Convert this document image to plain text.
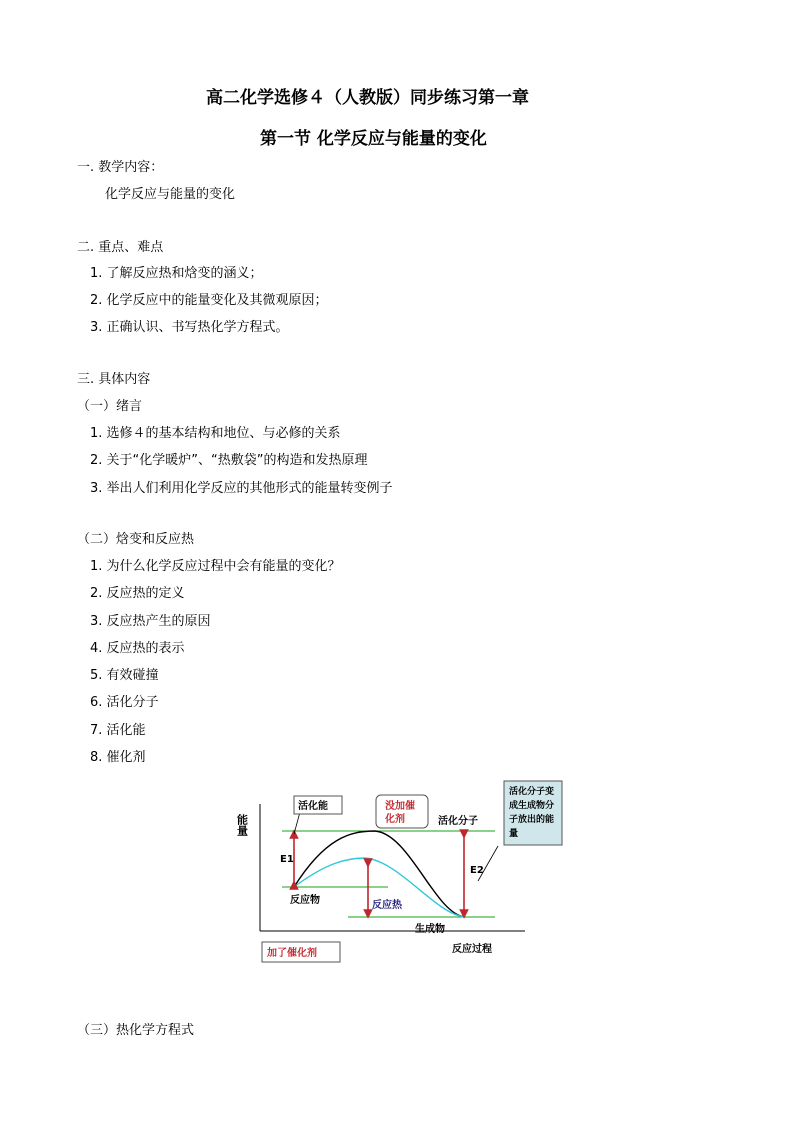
高二化学选修４（人教版）同步练习第一章
第一节 化学反应与能量的变化
一. 教学内容：
化学反应与能量的变化
二. 重点、难点
1. 了解反应热和焓变的涵义；
2. 化学反应中的能量变化及其微观原因；
3. 正确认识、书写热化学方程式。
三. 具体内容
（一）绪言
1. 选修４的基本结构和地位、与必修的关系
2. 关于“化学暖炉”、“热敷袋”的构造和发热原理
3. 举出人们利用化学反应的其他形式的能量转变例子
（二）焓变和反应热
1. 为什么化学反应过程中会有能量的变化？
2. 反应热的定义
3. 反应热产生的原因
4. 反应热的表示
5. 有效碰撞
6. 活化分子
7. 活化能
8. 催化剂
能量
E1
E2
活化能	没加催 化剂	活化分子
活化分子变 成生成物分 子放出的能 量
反应物	反应热
生成物
反应过程
加了催化剂
（三）热化学方程式
